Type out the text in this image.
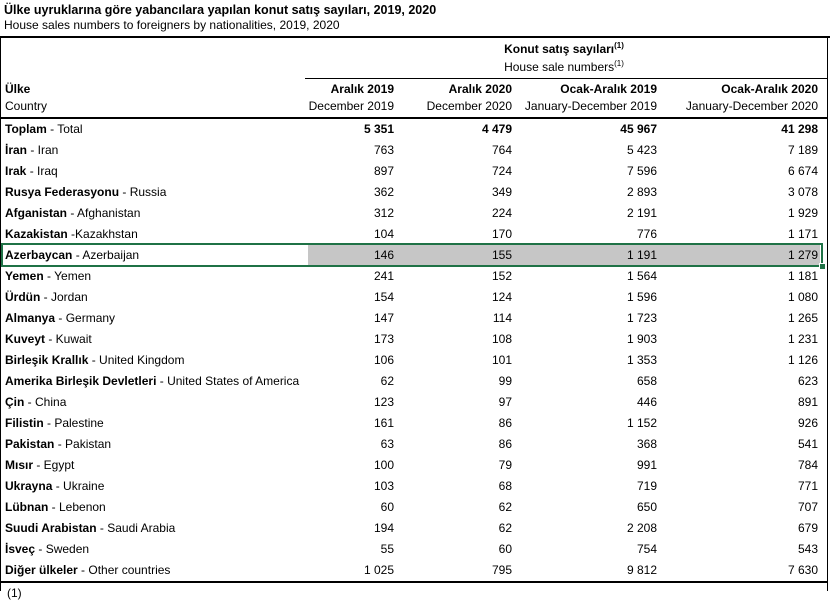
Ülke uyruklarına göre yabancılara yapılan konut satış sayıları, 2019, 2020
House sales numbers to foreigners by nationalities, 2019, 2020
Konut satış sayıları$^{(1)}$
House sale numbers$^{(1)}$
Ülke	Aralık 2019	Aralık 2020	Ocak-Aralık 2019	Ocak-Aralık 2020
Country	December 2019	December 2020	January-December 2019	January-December 2020
Toplam - Total	5 351	4 479	45 967	41 298
İran - Iran	763	764	5 423	7 189
Irak - Iraq	897	724	7 596	6 674
Rusya Federasyonu - Russia	362	349	2 893	3 078
Afganistan - Afghanistan	312	224	2 191	1 929
Kazakistan -Kazakhstan	104	170	776	1 171
Azerbaycan - Azerbaijan	146	155	1 191	1 279
Yemen - Yemen	241	152	1 564	1 181
Ürdün - Jordan	154	124	1 596	1 080
Almanya - Germany	147	114	1 723	1 265
Kuveyt - Kuwait	173	108	1 903	1 231
Birleşik Krallık - United Kingdom	106	101	1 353	1 126
Amerika Birleşik Devletleri - United States of America	62	99	658	623
Çin - China	123	97	446	891
Filistin - Palestine	161	86	1 152	926
Pakistan - Pakistan	63	86	368	541
Mısır - Egypt	100	79	991	784
Ukrayna - Ukraine	103	68	719	771
Lübnan - Lebenon	60	62	650	707
Suudi Arabistan - Saudi Arabia	194	62	2 208	679
İsveç - Sweden	55	60	754	543
Diğer ülkeler - Other countries	1 025	795	9 812	7 630
(1)
